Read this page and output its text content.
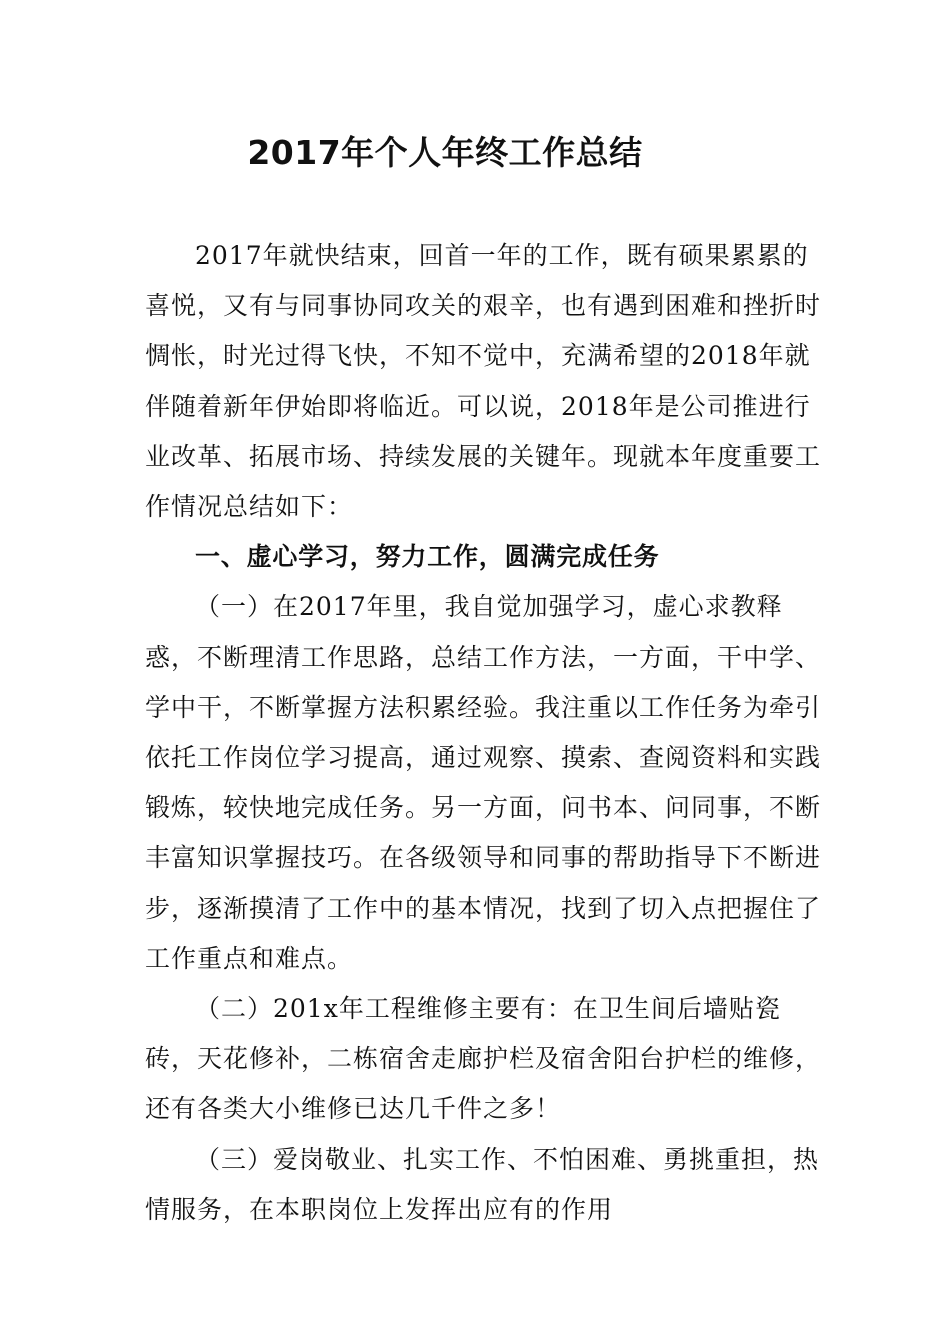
2017年个人年终工作总结

2017年就快结束，回首一年的工作，既有硕果累累的喜悦，又有与同事协同攻关的艰辛，也有遇到困难和挫折时惆怅，时光过得飞快，不知不觉中，充满希望的2018年就伴随着新年伊始即将临近。可以说，2018年是公司推进行业改革、拓展市场、持续发展的关键年。现就本年度重要工作情况总结如下：

一、虚心学习，努力工作，圆满完成任务

（一）在2017年里，我自觉加强学习，虚心求教释惑，不断理清工作思路，总结工作方法，一方面，干中学、学中干，不断掌握方法积累经验。我注重以工作任务为牵引依托工作岗位学习提高，通过观察、摸索、查阅资料和实践锻炼，较快地完成任务。另一方面，问书本、问同事，不断丰富知识掌握技巧。在各级领导和同事的帮助指导下不断进步，逐渐摸清了工作中的基本情况，找到了切入点把握住了工作重点和难点。

（二）201x年工程维修主要有：在卫生间后墙贴瓷砖，天花修补，二栋宿舍走廊护栏及宿舍阳台护栏的维修，还有各类大小维修已达几千件之多！

（三）爱岗敬业、扎实工作、不怕困难、勇挑重担，热情服务，在本职岗位上发挥出应有的作用
